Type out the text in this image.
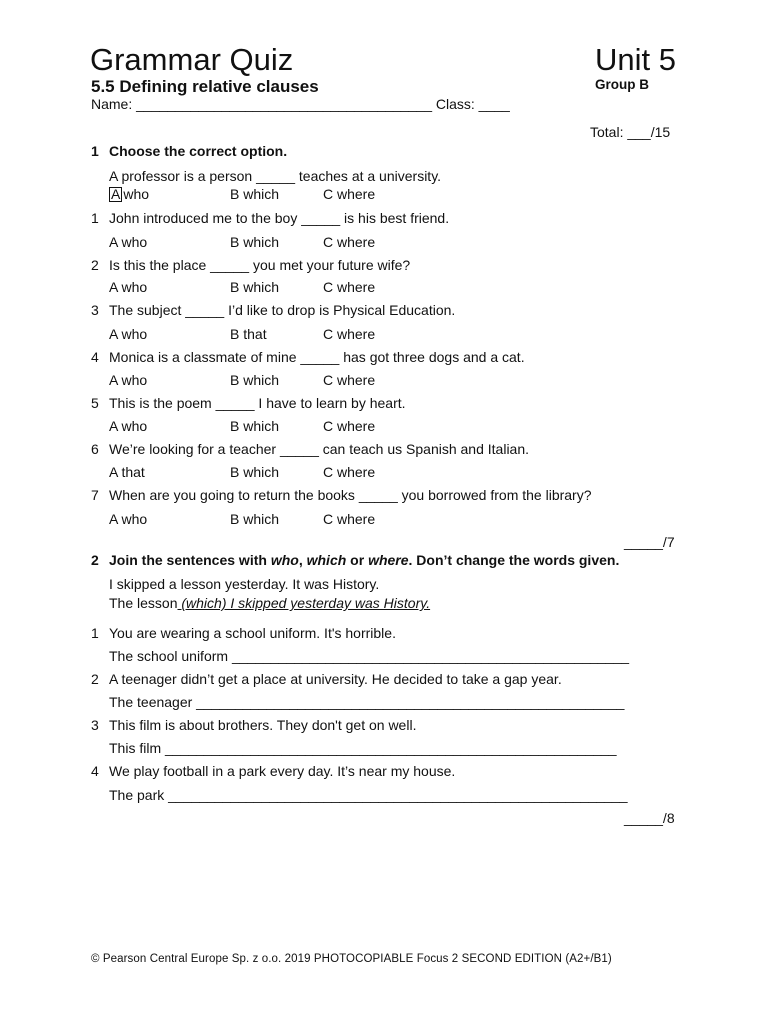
Grammar Quiz	Unit 5
5.5 Defining relative clauses	Group B
Name: ______________________________________ Class: ____
Total: ___/15
1 Choose the correct option.
A professor is a person _____ teaches at a university.
A who	B which	C where
1 John introduced me to the boy _____ is his best friend.
A who	B which	C where
2 Is this the place _____ you met your future wife?
A who	B which	C where
3 The subject _____ I’d like to drop is Physical Education.
A who	B that	C where
4 Monica is a classmate of mine _____ has got three dogs and a cat.
A who	B which	C where
5 This is the poem _____ I have to learn by heart.
A who	B which	C where
6 We’re looking for a teacher _____ can teach us Spanish and Italian.
A that	B which	C where
7 When are you going to return the books _____ you borrowed from the library?
A who	B which	C where
_____/7
2 Join the sentences with who, which or where. Don’t change the words given.
I skipped a lesson yesterday. It was History.
The lesson (which) I skipped yesterday was History.
1 You are wearing a school uniform. It's horrible.
The school uniform ___________________________________________________
2 A teenager didn’t get a place at university. He decided to take a gap year.
The teenager _______________________________________________________
3 This film is about brothers. They don't get on well.
This film __________________________________________________________
4 We play football in a park every day. It’s near my house.
The park ___________________________________________________________
_____/8
© Pearson Central Europe Sp. z o.o. 2019 PHOTOCOPIABLE Focus 2 SECOND EDITION (A2+/B1)
